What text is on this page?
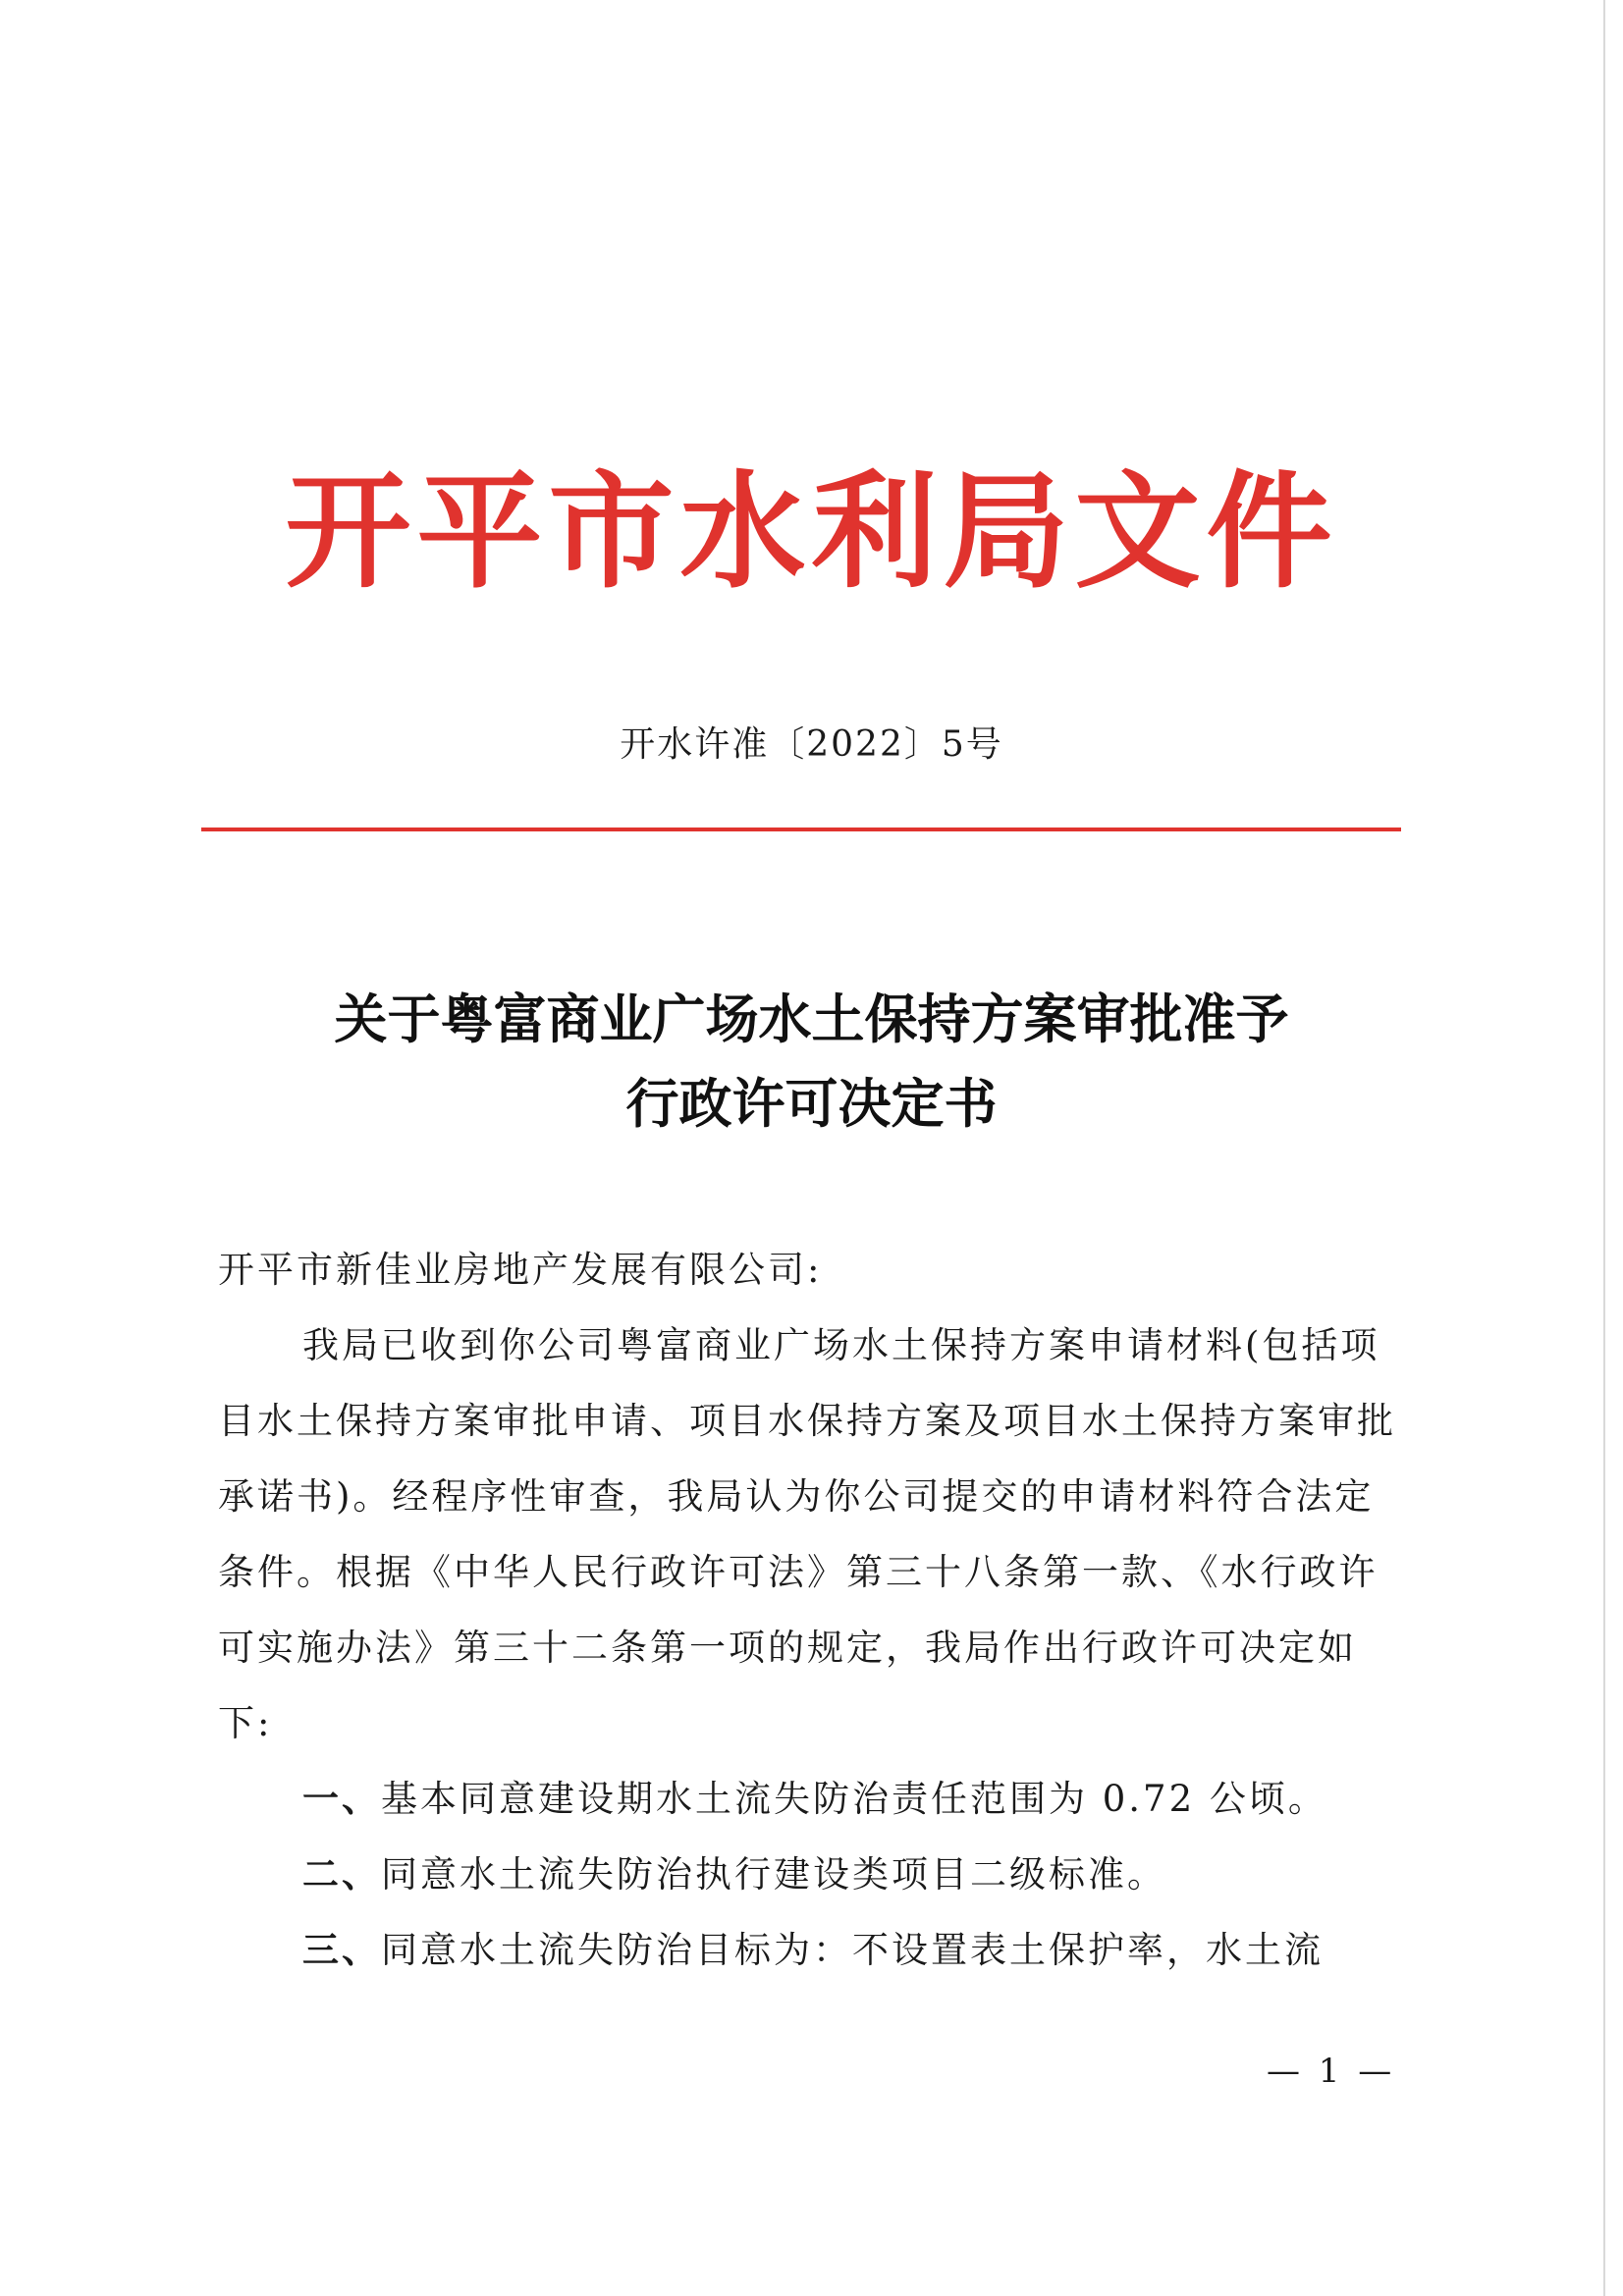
开平市水利局文件
开水许准〔2022〕5号
关于粤富商业广场水土保持方案审批准予
行政许可决定书

开平市新佳业房地产发展有限公司:

我局已收到你公司粤富商业广场水土保持方案申请材料(包括项目水土保持方案审批申请、项目水保持方案及项目水土保持方案审批承诺书)。经程序性审查，我局认为你公司提交的申请材料符合法定条件。根据《中华人民行政许可法》第三十八条第一款、《水行政许可实施办法》第三十二条第一项的规定，我局作出行政许可决定如下:

一、基本同意建设期水土流失防治责任范围为 0.72 公顷。

二、同意水土流失防治执行建设类项目二级标准。

三、同意水土流失防治目标为：不设置表土保护率，水土流

— 1 —
